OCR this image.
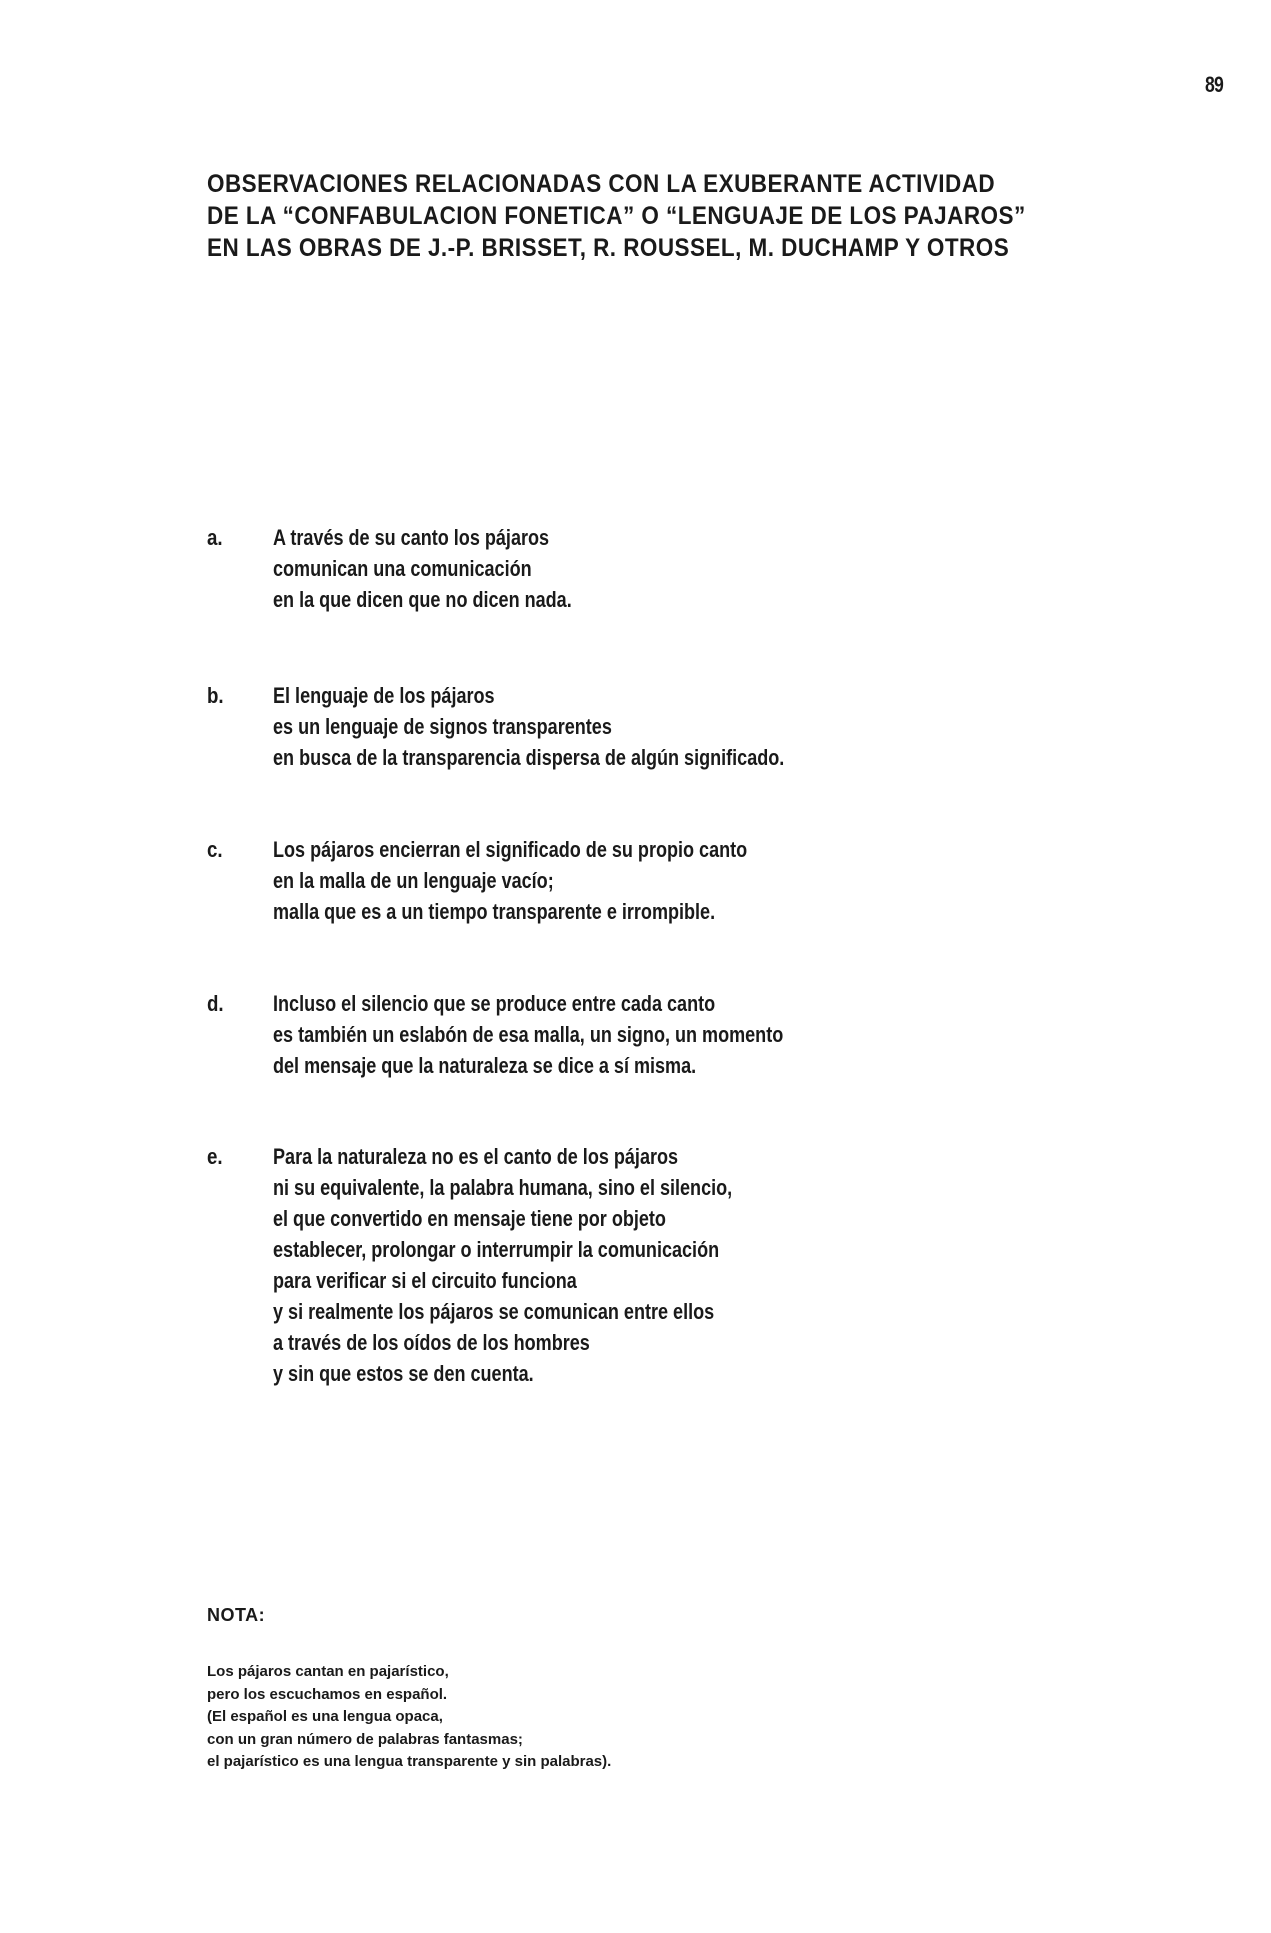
89
OBSERVACIONES RELACIONADAS CON LA EXUBERANTE ACTIVIDAD
DE LA “CONFABULACION FONETICA” O “LENGUAJE DE LOS PAJAROS”
EN LAS OBRAS DE J.-P. BRISSET, R. ROUSSEL, M. DUCHAMP Y OTROS
a. A través de su canto los pájaros
comunican una comunicación
en la que dicen que no dicen nada.
b. El lenguaje de los pájaros
es un lenguaje de signos transparentes
en busca de la transparencia dispersa de algún significado.
c. Los pájaros encierran el significado de su propio canto
en la malla de un lenguaje vacío;
malla que es a un tiempo transparente e irrompible.
d. Incluso el silencio que se produce entre cada canto
es también un eslabón de esa malla, un signo, un momento
del mensaje que la naturaleza se dice a sí misma.
e. Para la naturaleza no es el canto de los pájaros
ni su equivalente, la palabra humana, sino el silencio,
el que convertido en mensaje tiene por objeto
establecer, prolongar o interrumpir la comunicación
para verificar si el circuito funciona
y si realmente los pájaros se comunican entre ellos
a través de los oídos de los hombres
y sin que estos se den cuenta.
NOTA:
Los pájaros cantan en pajarístico,
pero los escuchamos en español.
(El español es una lengua opaca,
con un gran número de palabras fantasmas;
el pajarístico es una lengua transparente y sin palabras).
